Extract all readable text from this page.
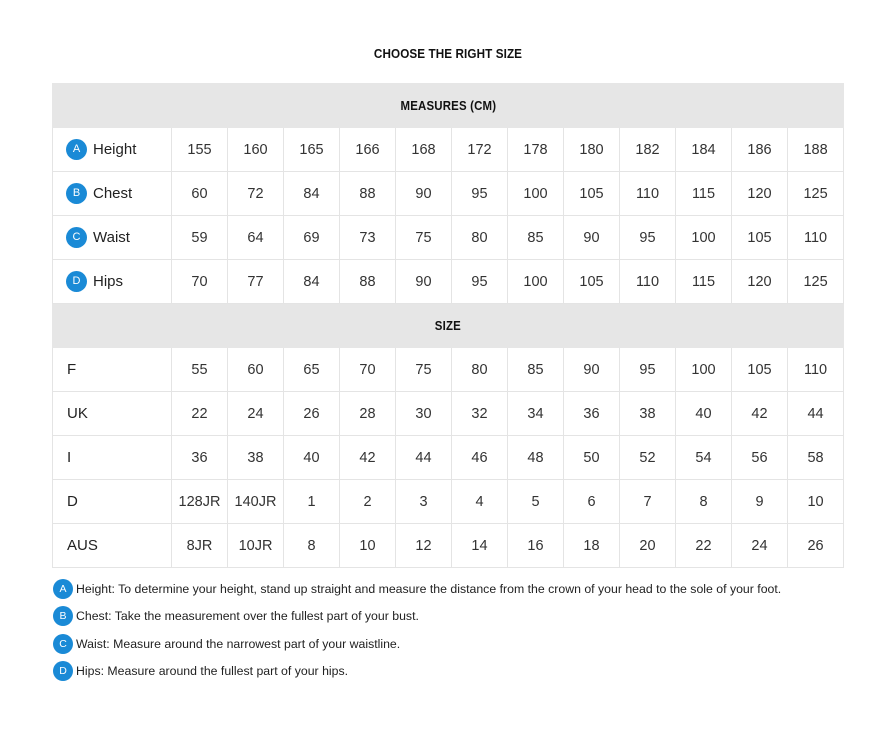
CHOOSE THE RIGHT SIZE
MEASURES (CM)												
A Height	155	160	165	166	168	172	178	180	182	184	186	188
B Chest	60	72	84	88	90	95	100	105	110	115	120	125
C Waist	59	64	69	73	75	80	85	90	95	100	105	110
D Hips	70	77	84	88	90	95	100	105	110	115	120	125
SIZE												
F	55	60	65	70	75	80	85	90	95	100	105	110
UK	22	24	26	28	30	32	34	36	38	40	42	44
I	36	38	40	42	44	46	48	50	52	54	56	58
D	128JR	140JR	1	2	3	4	5	6	7	8	9	10
AUS	8JR	10JR	8	10	12	14	16	18	20	22	24	26
A Height: To determine your height, stand up straight and measure the distance from the crown of your head to the sole of your foot.
B Chest: Take the measurement over the fullest part of your bust.
C Waist: Measure around the narrowest part of your waistline.
D Hips: Measure around the fullest part of your hips.
